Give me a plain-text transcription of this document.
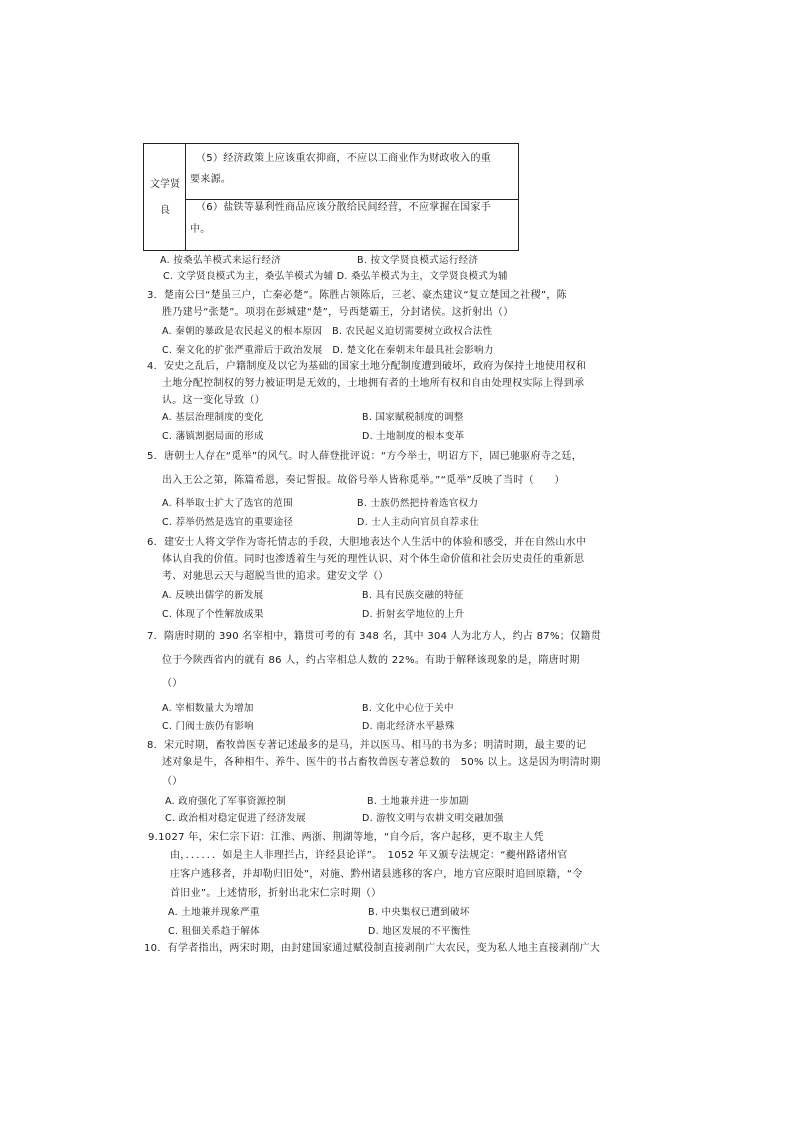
文学贤
良
（5）经济政策上应该重农抑商，不应以工商业作为财政收入的重
要来源。
（6）盐铁等暴利性商品应该分散给民间经营，不应掌握在国家手
中。
A. 按桑弘羊模式来运行经济	B. 按文学贤良模式运行经济
C. 文学贤良模式为主，桑弘羊模式为辅 D. 桑弘羊模式为主，文学贤良模式为辅
3．楚南公曰“楚虽三户，亡秦必楚”。陈胜占领陈后，三老、豪杰建议“复立楚国之社稷”，陈
胜乃建号“张楚”。项羽在彭城建“楚”，号西楚霸王，分封诸侯。这折射出（）
A. 秦朝的暴政是农民起义的根本原因　B. 农民起义迫切需要树立政权合法性
C. 秦文化的扩张严重滞后于政治发展　D. 楚文化在秦朝末年最具社会影响力
4．安史之乱后，户籍制度及以它为基础的国家土地分配制度遭到破坏，政府为保持土地使用权和
土地分配控制权的努力被证明是无效的，土地拥有者的土地所有权和自由处理权实际上得到承
认。这一变化导致（）
A. 基层治理制度的变化	B. 国家赋税制度的调整
C. 藩镇割据局面的形成	D. 土地制度的根本变革
5．唐朝士人存在“觅举”的风气。时人薛登批评说：“方今举士，明诏方下，固已驰驱府寺之廷，
出入王公之第，陈篇希恩，奏记誓报。故俗号举人皆称觅举。”“觅举”反映了当时（　　）
A. 科举取士扩大了选官的范围	B. 士族仍然把持着选官权力
C. 荐举仍然是选官的重要途径	D. 士人主动向官员自荐求仕
6．建安士人将文学作为寄托情志的手段，大胆地表达个人生活中的体验和感受，并在自然山水中
体认自我的价值。同时也渗透着生与死的理性认识、对个体生命价值和社会历史责任的重新思
考、对驰思云天与超脱当世的追求。建安文学（）
A. 反映出儒学的新发展	B. 具有民族交融的特征
C. 体现了个性解放成果	D. 折射玄学地位的上升
7．隋唐时期的 390 名宰相中，籍贯可考的有 348 名，其中 304 人为北方人，约占 87%；仅籍贯
位于今陕西省内的就有 86 人，约占宰相总人数的 22%。有助于解释该现象的是，隋唐时期
（）
A. 宰相数量大为增加	B. 文化中心位于关中
C. 门阀士族仍有影响	D. 南北经济水平悬殊
8．宋元时期，畜牧兽医专著记述最多的是马，并以医马、相马的书为多；明清时期，最主要的记
述对象是牛，各种相牛、养牛、医牛的书占畜牧兽医专著总数的　50% 以上。这是因为明清时期
（）
A. 政府强化了军事资源控制	B. 土地兼并进一步加剧
C. 政治相对稳定促进了经济发展	D. 游牧文明与农耕文明交融加强
9.1027 年，宋仁宗下诏：江淮、两浙、荆湖等地，“自今后，客户起移，更不取主人凭
由，．．．．．．如是主人非理拦占，许经县论详”。　1052 年又颁专法规定：“夔州路诸州官
庄客户逃移者，并却勒归旧处”，对施、黔州诸县逃移的客户，地方官应限时追回原籍，“令
首旧业”。上述情形，折射出北宋仁宗时期（）
A. 土地兼并现象严重	B. 中央集权已遭到破坏
C. 租佃关系趋于解体	D. 地区发展的不平衡性
10．有学者指出，两宋时期，由封建国家通过赋役制直接剥削广大农民，变为私人地主直接剥削广大
